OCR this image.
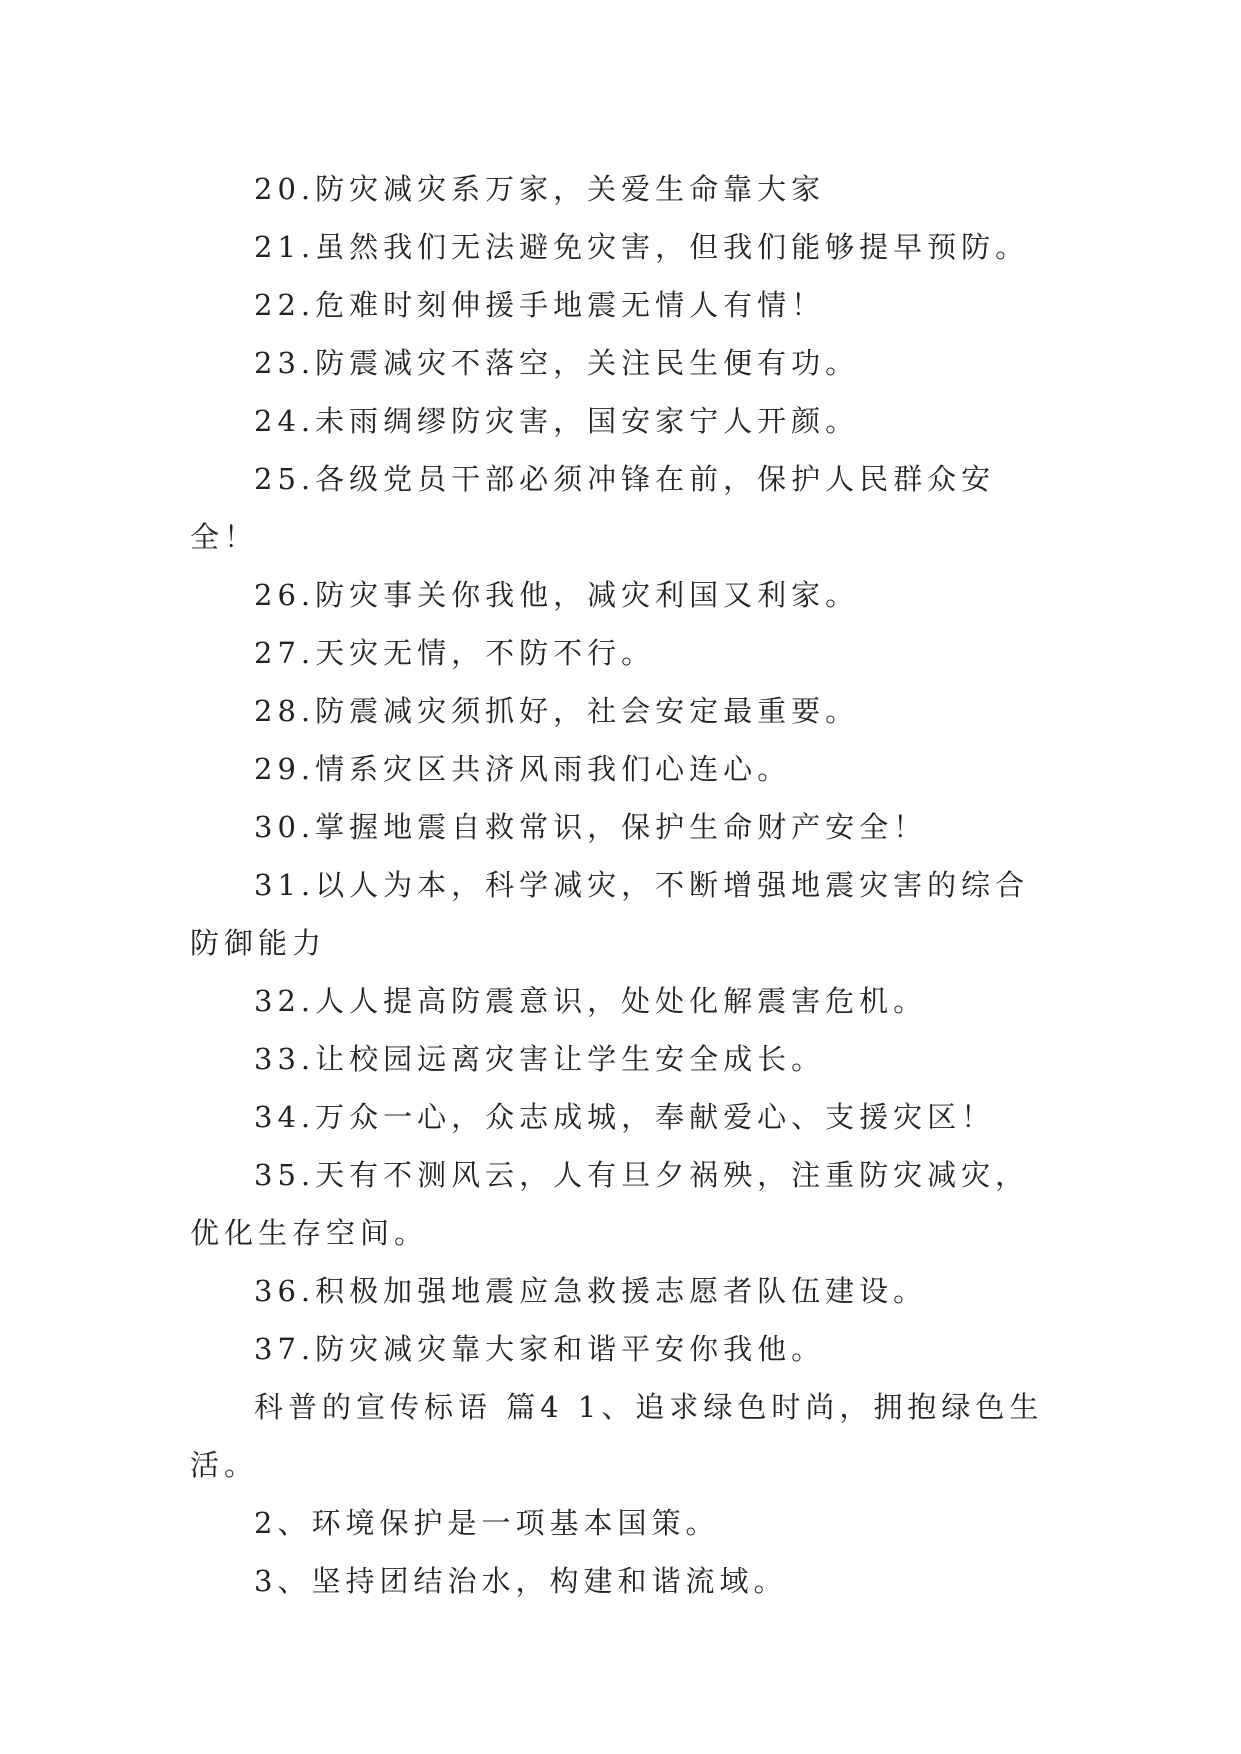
20.防灾减灾系万家，关爱生命靠大家

21.虽然我们无法避免灾害，但我们能够提早预防。

22.危难时刻伸援手地震无情人有情！

23.防震减灾不落空，关注民生便有功。

24.未雨绸缪防灾害，国安家宁人开颜。

25.各级党员干部必须冲锋在前，保护人民群众安全！

26.防灾事关你我他，减灾利国又利家。

27.天灾无情，不防不行。

28.防震减灾须抓好，社会安定最重要。

29.情系灾区共济风雨我们心连心。

30.掌握地震自救常识，保护生命财产安全！

31.以人为本，科学减灾，不断增强地震灾害的综合防御能力

32.人人提高防震意识，处处化解震害危机。

33.让校园远离灾害让学生安全成长。

34.万众一心，众志成城，奉献爱心、支援灾区！

35.天有不测风云，人有旦夕祸殃，注重防灾减灾，优化生存空间。

36.积极加强地震应急救援志愿者队伍建设。

37.防灾减灾靠大家和谐平安你我他。

科普的宣传标语 篇4 1、追求绿色时尚，拥抱绿色生活。

2、环境保护是一项基本国策。

3、坚持团结治水，构建和谐流域。
